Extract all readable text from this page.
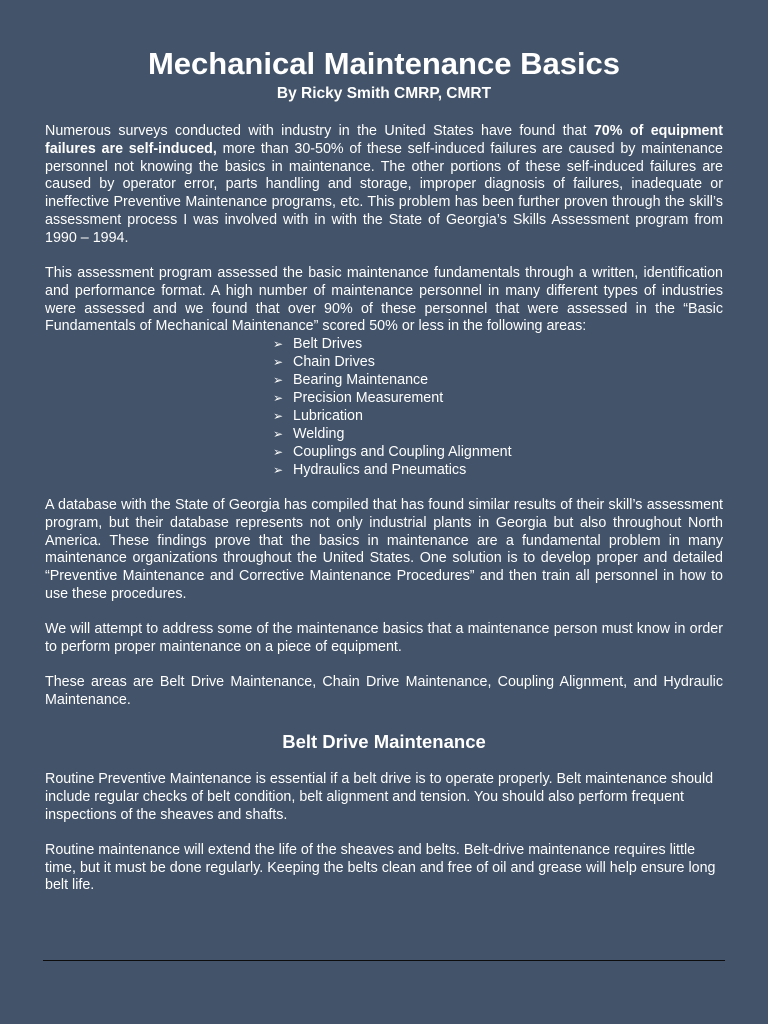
Mechanical Maintenance Basics
By Ricky Smith CMRP, CMRT

Numerous surveys conducted with industry in the United States have found that 70% of equipment failures are self-induced, more than 30-50% of these self-induced failures are caused by maintenance personnel not knowing the basics in maintenance. The other portions of these self-induced failures are caused by operator error, parts handling and storage, improper diagnosis of failures, inadequate or ineffective Preventive Maintenance programs, etc. This problem has been further proven through the skill’s assessment process I was involved with in with the State of Georgia’s Skills Assessment program from 1990 – 1994.

This assessment program assessed the basic maintenance fundamentals through a written, identification and performance format. A high number of maintenance personnel in many different types of industries were assessed and we found that over 90% of these personnel that were assessed in the “Basic Fundamentals of Mechanical Maintenance” scored 50% or less in the following areas:

➢ Belt Drives
➢ Chain Drives
➢ Bearing Maintenance
➢ Precision Measurement
➢ Lubrication
➢ Welding
➢ Couplings and Coupling Alignment
➢ Hydraulics and Pneumatics

A database with the State of Georgia has compiled that has found similar results of their skill’s assessment program, but their database represents not only industrial plants in Georgia but also throughout North America. These findings prove that the basics in maintenance are a fundamental problem in many maintenance organizations throughout the United States. One solution is to develop proper and detailed “Preventive Maintenance and Corrective Maintenance Procedures” and then train all personnel in how to use these procedures.

We will attempt to address some of the maintenance basics that a maintenance person must know in order to perform proper maintenance on a piece of equipment.

These areas are Belt Drive Maintenance, Chain Drive Maintenance, Coupling Alignment, and Hydraulic Maintenance.

Belt Drive Maintenance

Routine Preventive Maintenance is essential if a belt drive is to operate properly. Belt maintenance should include regular checks of belt condition, belt alignment and tension. You should also perform frequent inspections of the sheaves and shafts.

Routine maintenance will extend the life of the sheaves and belts. Belt-drive maintenance requires little time, but it must be done regularly. Keeping the belts clean and free of oil and grease will help ensure long belt life.
